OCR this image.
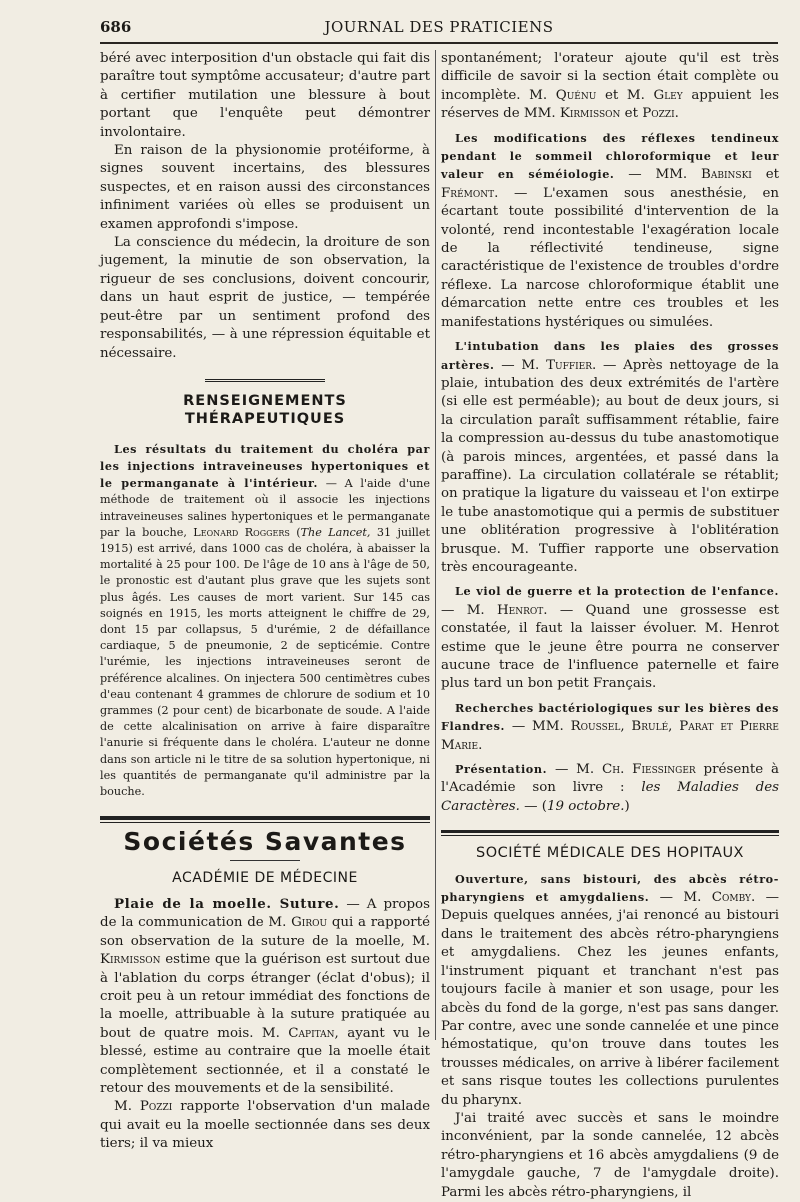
686	JOURNAL DES PRATICIENS

béré avec interposition d'un obstacle qui fait dis paraître tout symptôme accusateur; d'autre part à certifier mutilation une blessure à bout portant que l'enquête peut démontrer involontaire.

En raison de la physionomie protéiforme, à signes souvent incertains, des blessures suspectes, et en raison aussi des circonstances infiniment variées où elles se produisent un examen approfondi s'impose.

La conscience du médecin, la droiture de son jugement, la minutie de son observation, la rigueur de ses conclusions, doivent concourir, dans un haut esprit de justice, — tempérée peut-être par un sentiment profond des responsabilités, — à une répression équitable et nécessaire.

RENSEIGNEMENTS THÉRAPEUTIQUES

Les résultats du traitement du choléra par les injections intraveineuses hypertoniques et le permanganate à l'intérieur. — A l'aide d'une méthode de traitement où il associe les injections intraveineuses salines hypertoniques et le permanganate par la bouche, Leonard Roggers (The Lancet, 31 juillet 1915) est arrivé, dans 1000 cas de choléra, à abaisser la mortalité à 25 pour 100. De l'âge de 10 ans à l'âge de 50, le pronostic est d'autant plus grave que les sujets sont plus âgés. Les causes de mort varient. Sur 145 cas soignés en 1915, les morts atteignent le chiffre de 29, dont 15 par collapsus, 5 d'urémie, 2 de défaillance cardiaque, 5 de pneumonie, 2 de septicémie. Contre l'urémie, les injections intraveineuses seront de préférence alcalines. On injectera 500 centimètres cubes d'eau contenant 4 grammes de chlorure de sodium et 10 grammes (2 pour cent) de bicarbonate de soude. A l'aide de cette alcalinisation on arrive à faire disparaître l'anurie si fréquente dans le choléra. L'auteur ne donne dans son article ni le titre de sa solution hypertonique, ni les quantités de permanganate qu'il administre par la bouche.

Sociétés Savantes
ACADÉMIE DE MÉDECINE

Plaie de la moelle. Suture. — A propos de la communication de M. Girou qui a rapporté son observation de la suture de la moelle, M. Kirmisson estime que la guérison est surtout due à l'ablation du corps étranger (éclat d'obus); il croit peu à un retour immédiat des fonctions de la moelle, attribuable à la suture pratiquée au bout de quatre mois. M. Capitan, ayant vu le blessé, estime au contraire que la moelle était complètement sectionnée, et il a constaté le retour des mouvements et de la sensibilité.

M. Pozzi rapporte l'observation d'un malade qui avait eu la moelle sectionnée dans ses deux tiers; il va mieux

spontanément; l'orateur ajoute qu'il est très difficile de savoir si la section était complète ou incomplète. M. Quénu et M. Gley appuient les réserves de MM. Kirmisson et Pozzi.

Les modifications des réflexes tendineux pendant le sommeil chloroformique et leur valeur en séméiologie. — MM. Babinski et Frémont. — L'examen sous anesthésie, en écartant toute possibilité d'intervention de la volonté, rend incontestable l'exagération locale de la réflectivité tendineuse, signe caractéristique de l'existence de troubles d'ordre réflexe. La narcose chloroformique établit une démarcation nette entre ces troubles et les manifestations hystériques ou simulées.

L'intubation dans les plaies des grosses artères. — M. Tuffier. — Après nettoyage de la plaie, intubation des deux extrémités de l'artère (si elle est perméable); au bout de deux jours, si la circulation paraît suffisamment rétablie, faire la compression au-dessus du tube anastomotique (à parois minces, argentées, et passé dans la paraffine). La circulation collatérale se rétablit; on pratique la ligature du vaisseau et l'on extirpe le tube anastomotique qui a permis de substituer une oblitération progressive à l'oblitération brusque. M. Tuffier rapporte une observation très encourageante.

Le viol de guerre et la protection de l'enfance. — M. Henrot. — Quand une grossesse est constatée, il faut la laisser évoluer. M. Henrot estime que le jeune être pourra ne conserver aucune trace de l'influence paternelle et faire plus tard un bon petit Français.

Recherches bactériologiques sur les bières des Flandres. — MM. Roussel, Brulé, Parat et Pierre Marie.

Présentation. — M. Ch. Fiessinger présente à l'Académie son livre : les Maladies des Caractères. — (19 octobre.)

SOCIÉTÉ MÉDICALE DES HOPITAUX

Ouverture, sans bistouri, des abcès rétro-pharyngiens et amygdaliens. — M. Comby. — Depuis quelques années, j'ai renoncé au bistouri dans le traitement des abcès rétro-pharyngiens et amygdaliens. Chez les jeunes enfants, l'instrument piquant et tranchant n'est pas toujours facile à manier et son usage, pour les abcès du fond de la gorge, n'est pas sans danger. Par contre, avec une sonde cannelée et une pince hémostatique, qu'on trouve dans toutes les trousses médicales, on arrive à libérer facilement et sans risque toutes les collections purulentes du pharynx.

J'ai traité avec succès et sans le moindre inconvénient, par la sonde cannelée, 12 abcès rétro-pharyngiens et 16 abcès amygdaliens (9 de l'amygdale gauche, 7 de l'amygdale droite). Parmi les abcès rétro-pharyngiens, il
